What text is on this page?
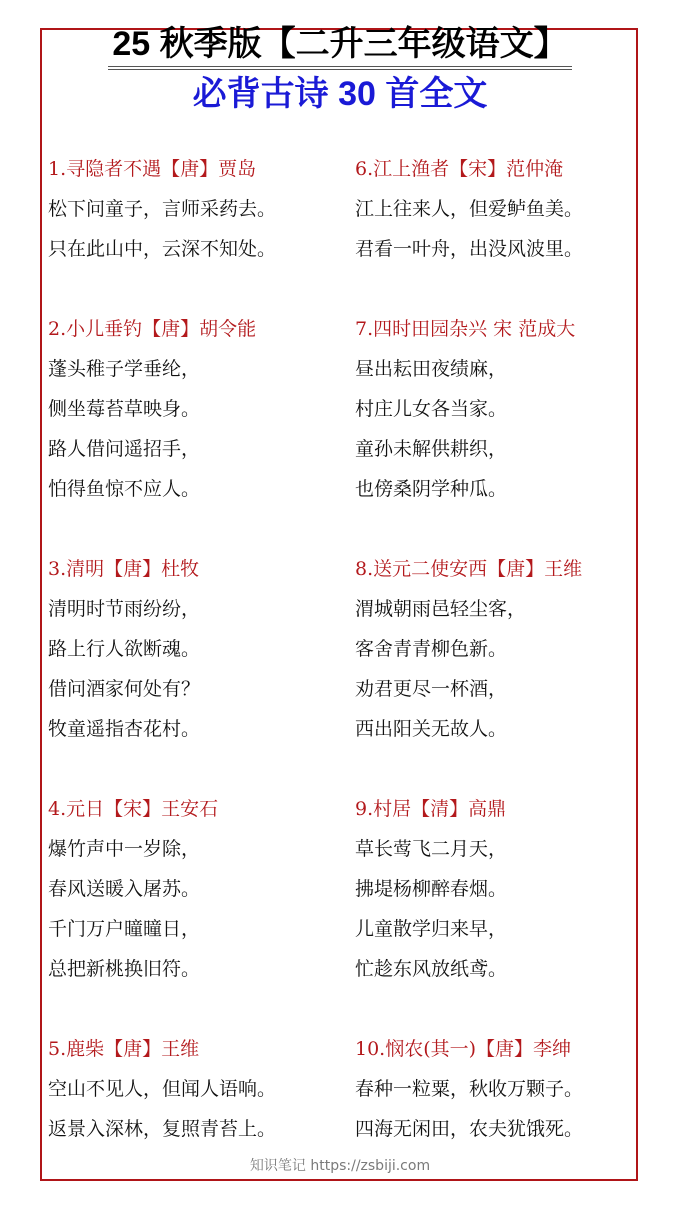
25 秋季版【二升三年级语文】
必背古诗 30 首全文
1.寻隐者不遇【唐】贾岛
松下问童子，言师采药去。
只在此山中，云深不知处。
2.小儿垂钓【唐】胡令能
蓬头稚子学垂纶，
侧坐莓苔草映身。
路人借问遥招手，
怕得鱼惊不应人。
3.清明【唐】杜牧
清明时节雨纷纷，
路上行人欲断魂。
借问酒家何处有？
牧童遥指杏花村。
4.元日【宋】王安石
爆竹声中一岁除，
春风送暖入屠苏。
千门万户曈曈日，
总把新桃换旧符。
5.鹿柴【唐】王维
空山不见人，但闻人语响。
返景入深林，复照青苔上。
6.江上渔者【宋】范仲淹
江上往来人，但爱鲈鱼美。
君看一叶舟，出没风波里。
7.四时田园杂兴 宋 范成大
昼出耘田夜绩麻，
村庄儿女各当家。
童孙未解供耕织，
也傍桑阴学种瓜。
8.送元二使安西【唐】王维
渭城朝雨邑轻尘客，
客舍青青柳色新。
劝君更尽一杯酒，
西出阳关无故人。
9.村居【清】高鼎
草长莺飞二月天，
拂堤杨柳醉春烟。
儿童散学归来早，
忙趁东风放纸鸢。
10.悯农(其一)【唐】李绅
春种一粒粟，秋收万颗子。
四海无闲田，农夫犹饿死。
知识笔记 https://zsbiji.com
